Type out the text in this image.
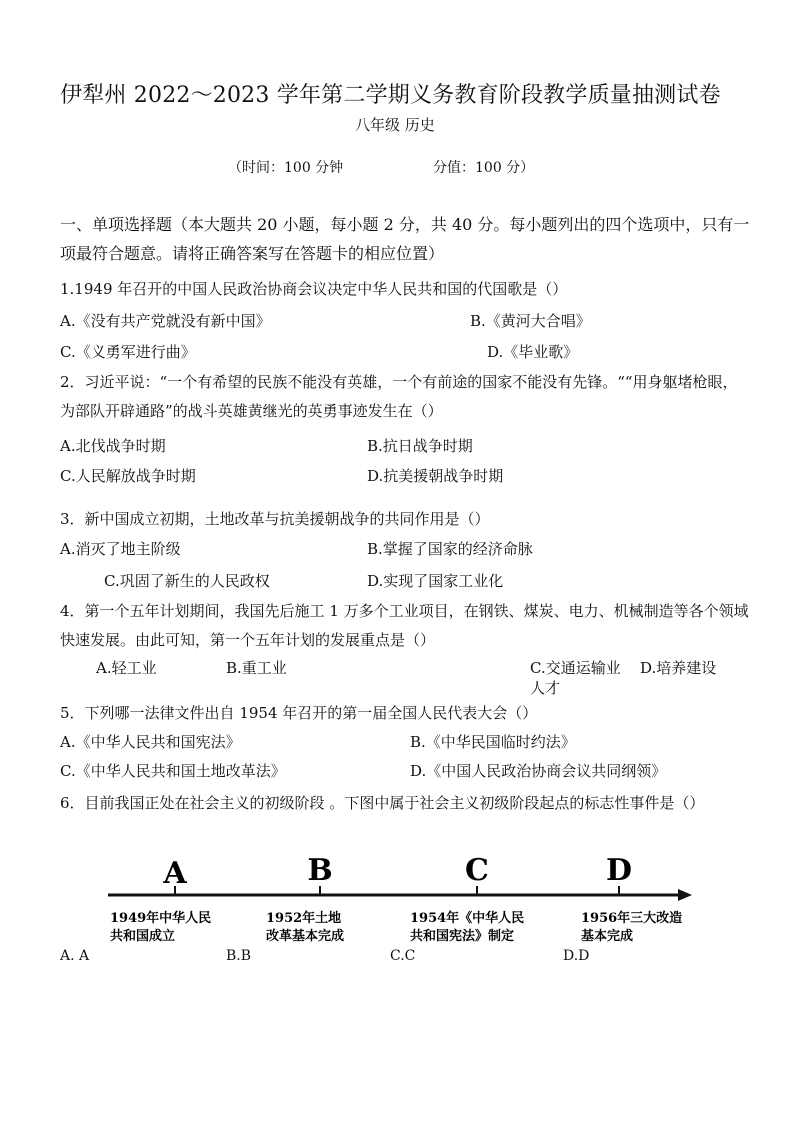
伊犁州 2022～2023 学年第二学期义务教育阶段教学质量抽测试卷
八年级 历史
（时间：100 分钟	分值：100 分）
一、单项选择题（本大题共 20 小题，每小题 2 分，共 40 分。每小题列出的四个选项中，只有一项最符合题意。请将正确答案写在答题卡的相应位置）
1.1949 年召开的中国人民政治协商会议决定中华人民共和国的代国歌是（）
A.《没有共产党就没有新中国》	B.《黄河大合唱》
C.《义勇军进行曲》	D.《毕业歌》
2．习近平说：“一个有希望的民族不能没有英雄，一个有前途的国家不能没有先锋。““用身躯堵枪眼，为部队开辟通路”的战斗英雄黄继光的英勇事迹发生在（）
A.北伐战争时期	B.抗日战争时期
C.人民解放战争时期	D.抗美援朝战争时期
3．新中国成立初期，土地改革与抗美援朝战争的共同作用是（）
A.消灭了地主阶级	B.掌握了国家的经济命脉
C.巩固了新生的人民政权	D.实现了国家工业化
4．第一个五年计划期间，我国先后施工 1 万多个工业项目，在钢铁、煤炭、电力、机械制造等各个领域快速发展。由此可知，第一个五年计划的发展重点是（）
A.轻工业	B.重工业	C.交通运输业 D.培养建设
人才
5．下列哪一法律文件出自 1954 年召开的第一届全国人民代表大会（）
A.《中华人民共和国宪法》	B.《中华民国临时约法》
C.《中华人民共和国土地改革法》	D.《中国人民政治协商会议共同纲领》
6．目前我国正处在社会主义的初级阶段 。下图中属于社会主义初级阶段起点的标志性事件是（）
A	B	C	D
1949年中华人民
共和国成立
1952年土地
改革基本完成
1954年《中华人民
共和国宪法》制定
1956年三大改造
基本完成
A. A	B.B	C.C	D.D
